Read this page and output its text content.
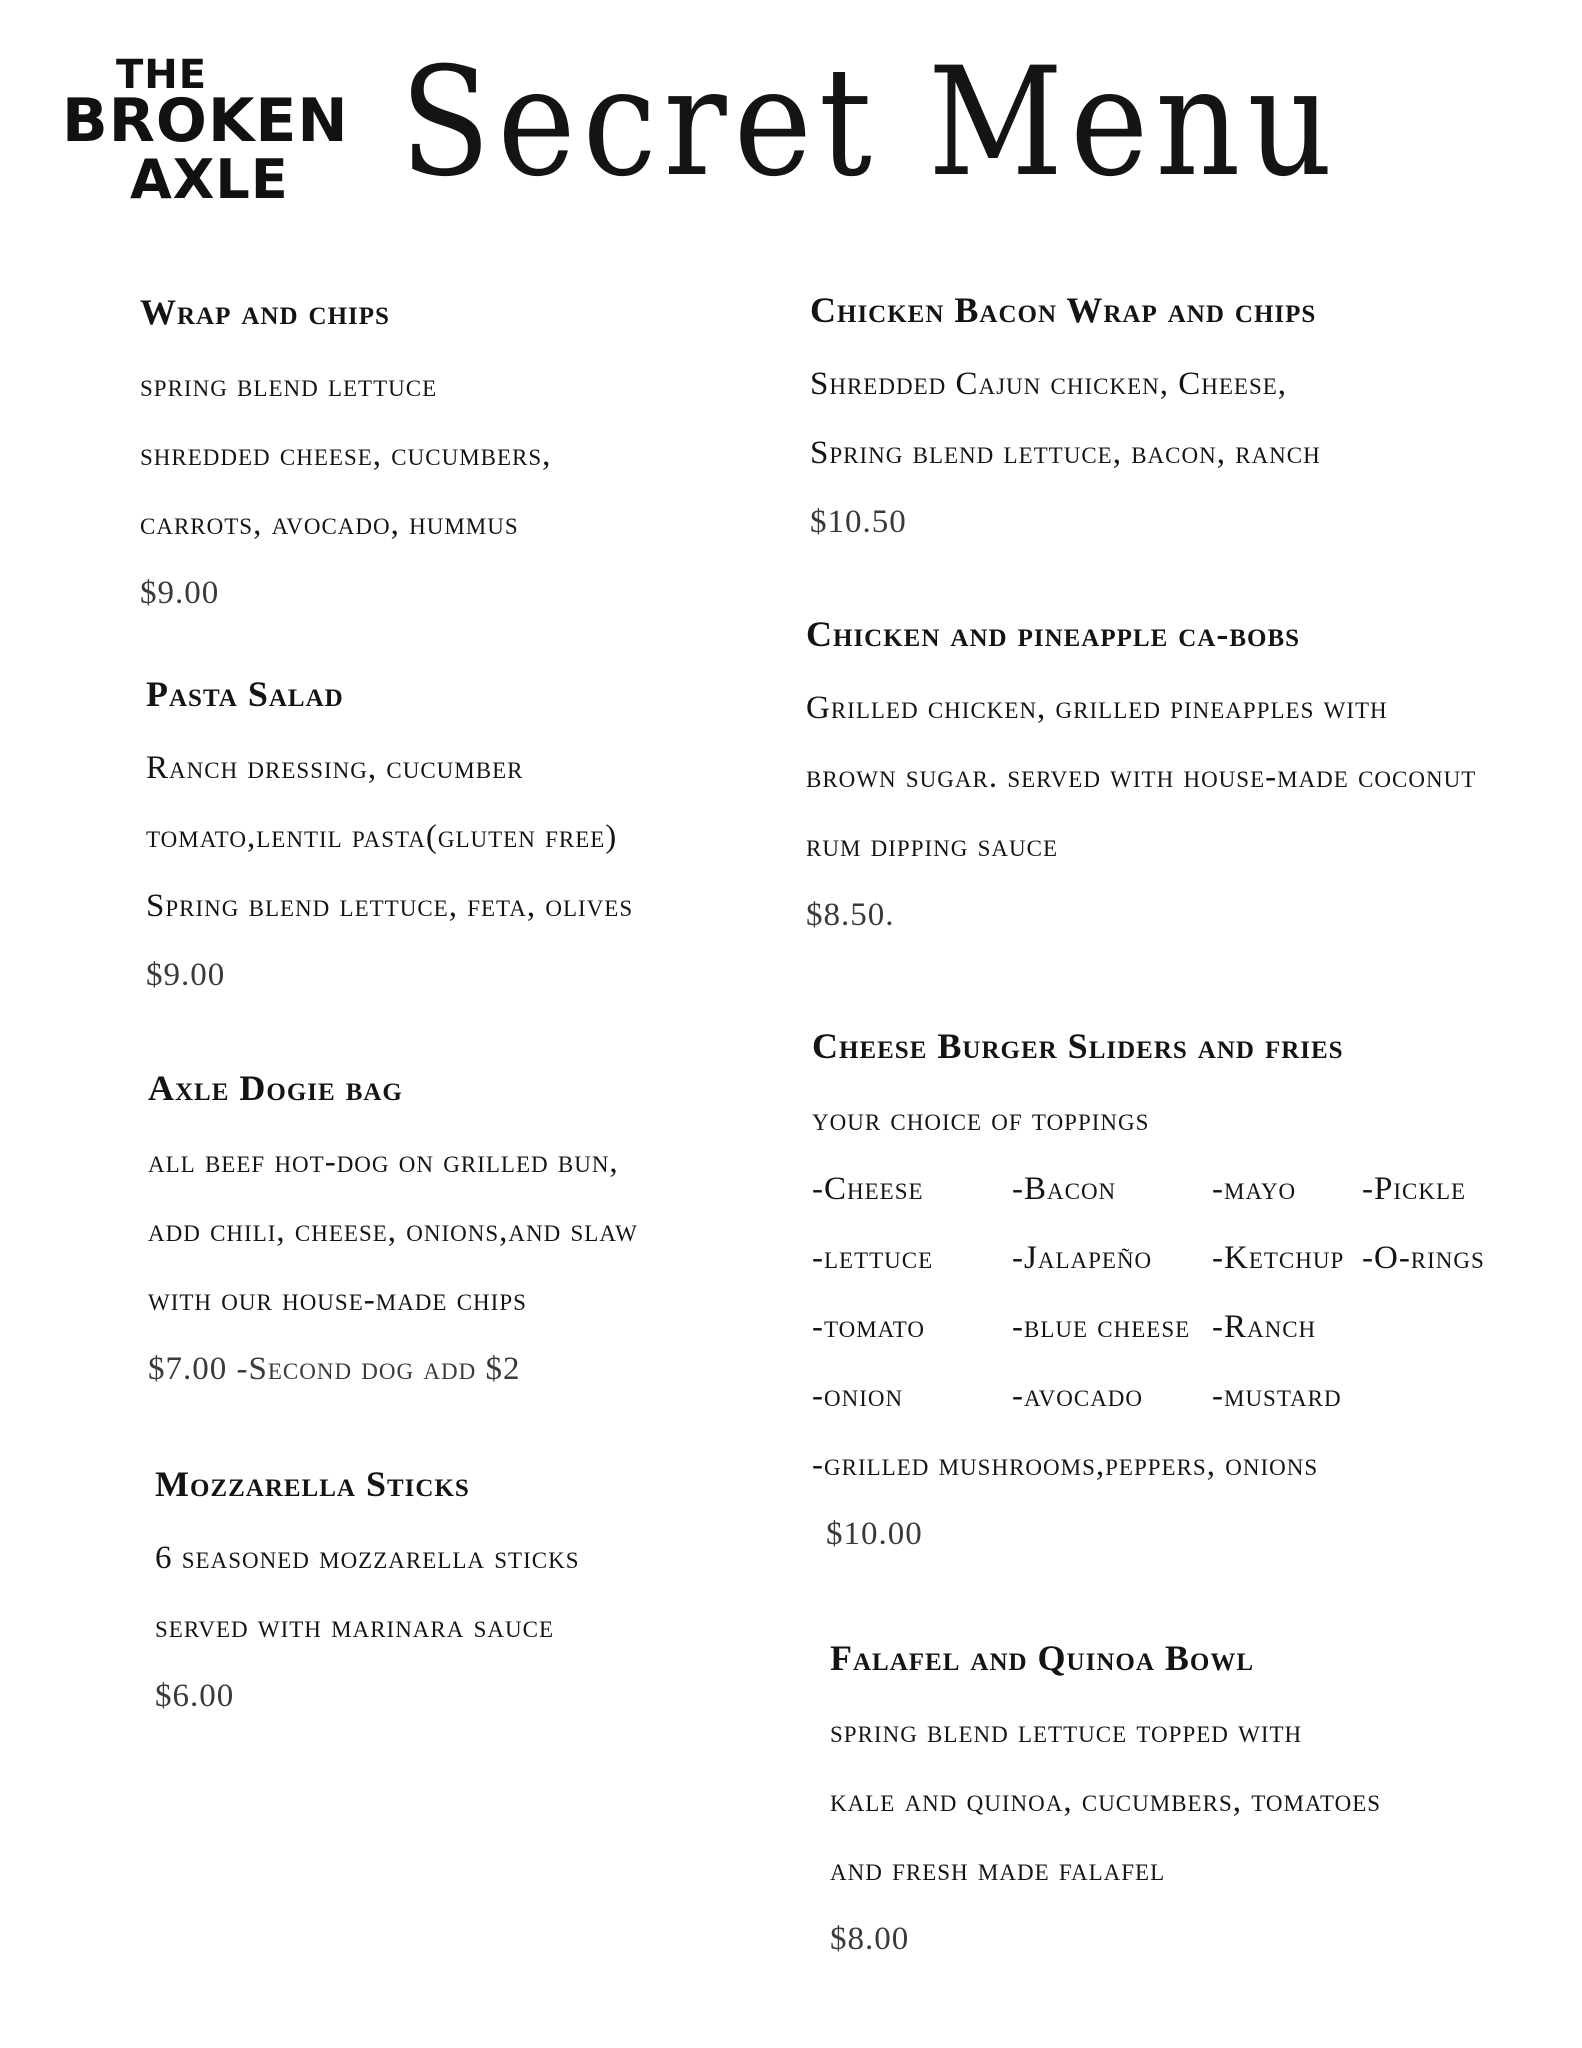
THE
BROKEN
AXLE Secret Menu
Wrap and chips
spring blend lettuce
shredded cheese, cucumbers,
carrots, avocado, hummus
$9.00
Pasta Salad
Ranch dressing, cucumber
tomato,lentil pasta(gluten free)
Spring blend lettuce, feta, olives
$9.00
Axle Dogie bag
all beef hot-dog on grilled bun,
add chili, cheese, onions,and slaw
with our house-made chips
$7.00 -Second dog add $2
Mozzarella Sticks
6 seasoned mozzarella sticks
served with marinara sauce
$6.00
Chicken Bacon Wrap and chips
Shredded Cajun chicken, Cheese,
Spring blend lettuce, bacon, ranch
$10.50
Chicken and pineapple ca-bobs
Grilled chicken, grilled pineapples with
brown sugar. served with house-made coconut
rum dipping sauce
$8.50.
Cheese Burger Sliders and fries
your choice of toppings
-Cheese	-Bacon	-mayo	-Pickle
-lettuce	-Jalapeño	-Ketchup -O-rings
-tomato	-blue cheese -Ranch
-onion	-avocado	-mustard
-grilled mushrooms,peppers, onions
$10.00
Falafel and Quinoa Bowl
spring blend lettuce topped with
kale and quinoa, cucumbers, tomatoes
and fresh made falafel
$8.00
